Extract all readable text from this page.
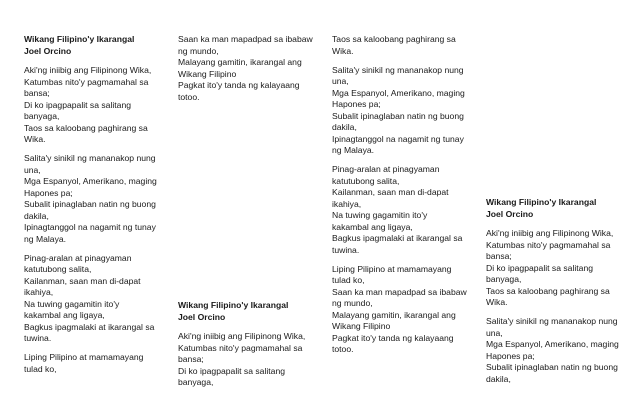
Wikang Filipino'y Ikarangal

Joel Orcino

Aki'ng iniibig ang Filipinong Wika,
Katumbas nito'y pagmamahal sa
bansa;
Di ko ipagpapalit sa salitang
banyaga,
Taos sa kaloobang paghirang sa
Wika.
Salita'y sinikil ng mananakop nung
una,
Mga Espanyol, Amerikano, maging
Hapones pa;
Subalit ipinaglaban natin ng buong
dakila,
Ipinagtanggol na nagamit ng tunay
ng Malaya.
Pinag-aralan at pinagyaman
katutubong salita,
Kailanman, saan man di-dapat
ikahiya,
Na tuwing gagamitin ito'y
kakambal ang ligaya,
Bagkus ipagmalaki at ikarangal sa
tuwina.
Liping Pilipino at mamamayang
tulad ko,
Saan ka man mapadpad sa ibabaw
ng mundo,
Malayang gamitin, ikarangal ang
Wikang Filipino
Pagkat ito'y tanda ng kalayaang
totoo.

Wikang Filipino'y Ikarangal

Joel Orcino

Aki'ng iniibig ang Filipinong Wika,
Katumbas nito'y pagmamahal sa
bansa;
Di ko ipagpapalit sa salitang
banyaga,
Taos sa kaloobang paghirang sa
Wika.
Salita'y sinikil ng mananakop nung
una,
Mga Espanyol, Amerikano, maging
Hapones pa;
Subalit ipinaglaban natin ng buong
dakila,
Ipinagtanggol na nagamit ng tunay
ng Malaya.
Pinag-aralan at pinagyaman
katutubong salita,
Kailanman, saan man di-dapat
ikahiya,
Na tuwing gagamitin ito'y
kakambal ang ligaya,
Bagkus ipagmalaki at ikarangal sa
tuwina.
Liping Pilipino at mamamayang
tulad ko,
Saan ka man mapadpad sa ibabaw
ng mundo,
Malayang gamitin, ikarangal ang
Wikang Filipino
Pagkat ito'y tanda ng kalayaang
totoo.

Wikang Filipino'y Ikarangal

Joel Orcino

Aki'ng iniibig ang Filipinong Wika,
Katumbas nito'y pagmamahal sa
bansa;
Di ko ipagpapalit sa salitang
banyaga,
Taos sa kaloobang paghirang sa
Wika.
Salita'y sinikil ng mananakop nung
una,
Mga Espanyol, Amerikano, maging
Hapones pa;
Subalit ipinaglaban natin ng buong
dakila,
